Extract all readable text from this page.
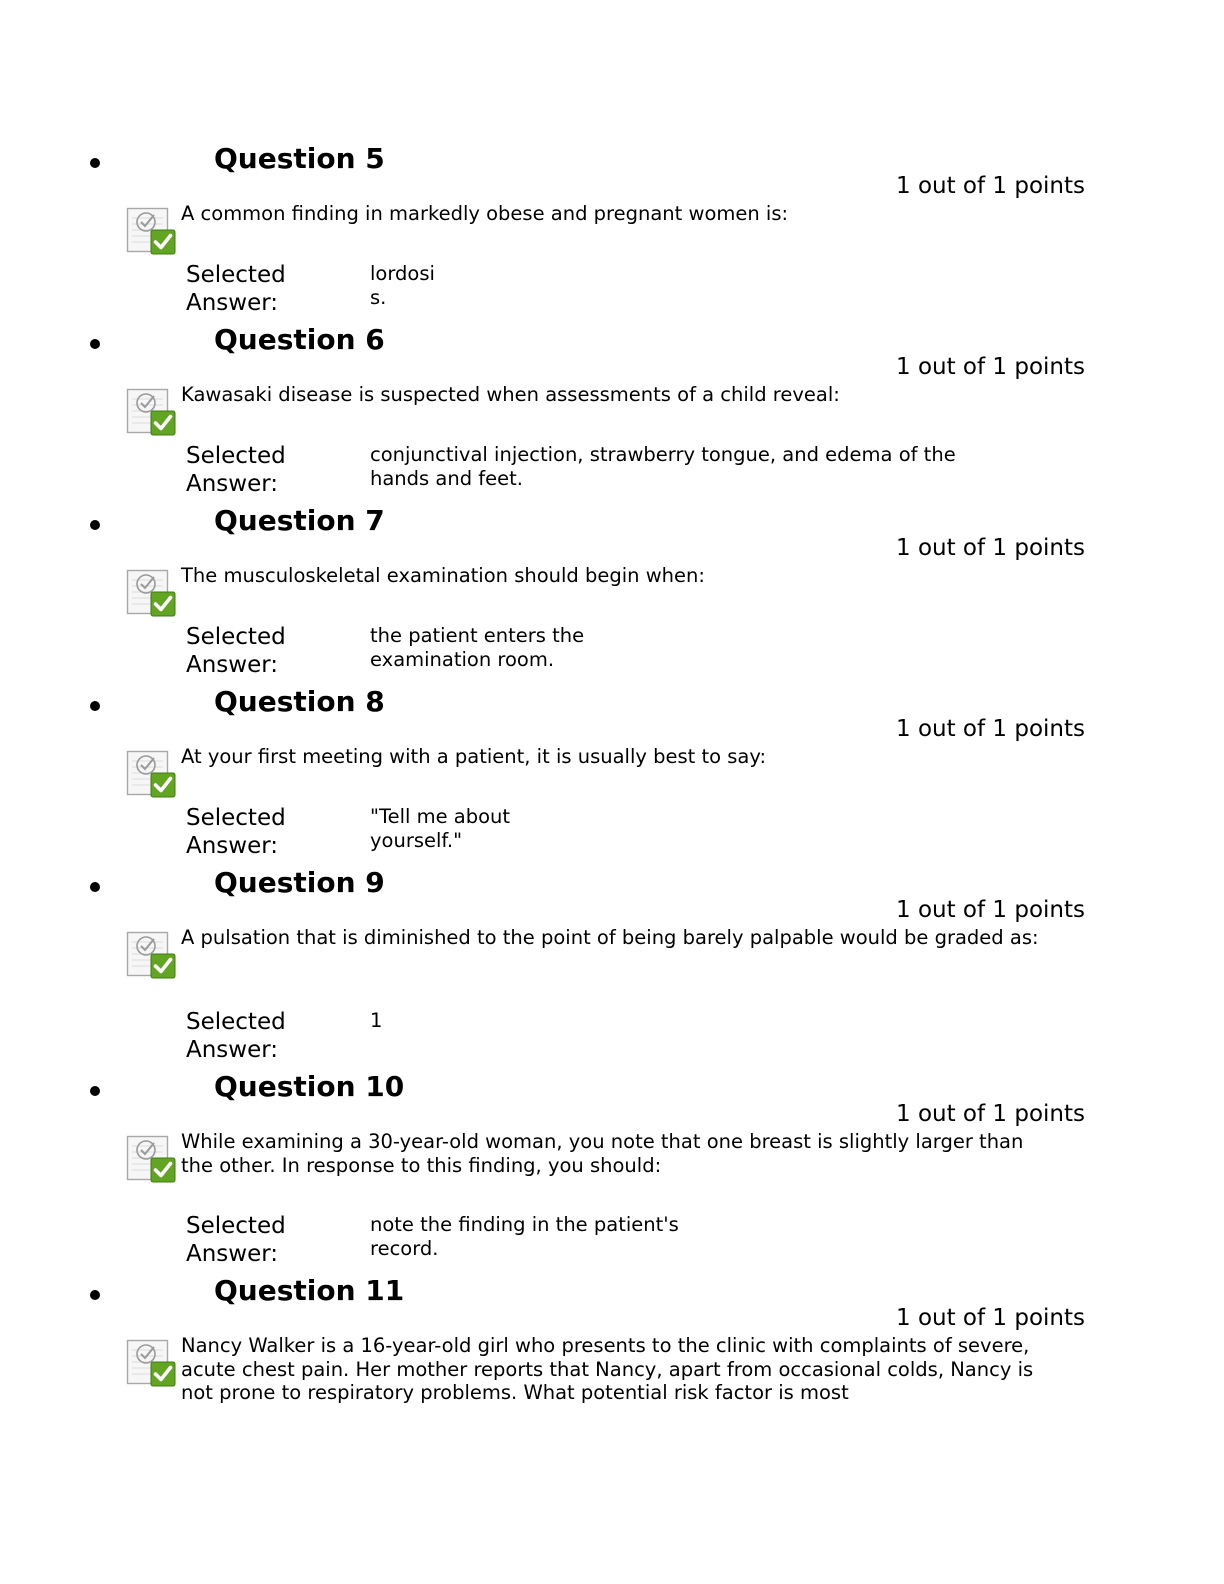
Question 5
1 out of 1 points
A common finding in markedly obese and pregnant women is:
Selected Answer:
lordosis.
Question 6
1 out of 1 points
Kawasaki disease is suspected when assessments of a child reveal:
Selected Answer:
conjunctival injection, strawberry tongue, and edema of the hands and feet.
Question 7
1 out of 1 points
The musculoskeletal examination should begin when:
Selected Answer:
the patient enters the examination room.
Question 8
1 out of 1 points
At your first meeting with a patient, it is usually best to say:
Selected Answer:
"Tell me about yourself."
Question 9
1 out of 1 points
A pulsation that is diminished to the point of being barely palpable would be graded as:
Selected Answer:
1
Question 10
1 out of 1 points
While examining a 30-year-old woman, you note that one breast is slightly larger than the other. In response to this finding, you should:
Selected Answer:
note the finding in the patient's record.
Question 11
1 out of 1 points
Nancy Walker is a 16-year-old girl who presents to the clinic with complaints of severe, acute chest pain. Her mother reports that Nancy, apart from occasional colds, Nancy is not prone to respiratory problems. What potential risk factor is most
